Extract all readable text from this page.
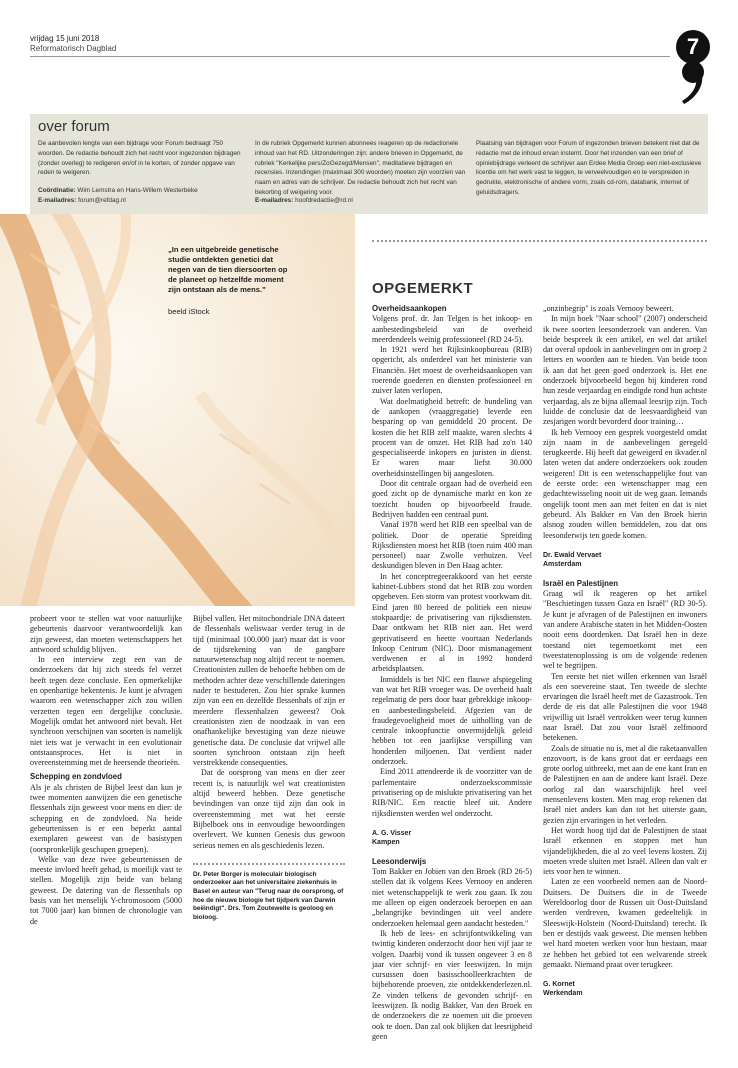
vrijdag 15 juni 2018
Reformatorisch Dagblad	7
over forum
De aanbevolen lengte van een bijdrage voor Forum bedraagt 750 woorden. De redactie behoudt zich het recht voor ingezonden bijdragen (zonder overleg) te redigeren en/of in te korten, of zonder opgave van reden te weigeren.
Coördinatie: Wim Lemstra en Hans-Willem Westerbeke
E-mailadres: forum@refdag.nl
In de rubriek Opgemerkt kunnen abonnees reageren op de redactionele inhoud van het RD. Uitzonderingen zijn: andere brieven in Opgemerkt, de rubriek "Kerkelijke pers/ZoGezegd/Mensen", meditatieve bijdragen en recensies. Inzendingen (maximaal 300 woorden) moeten zijn voorzien van naam en adres van de schrijver. De redactie behoudt zich het recht van bekorting of weigering voor.
E-mailadres: hoofdredactie@rd.nl
Plaatsing van bijdragen voor Forum of ingezonden brieven betekent niet dat de redactie met de inhoud ervan instemt. Door het inzenden van een brief of opiniebijdrage verleent de schrijver aan Erdee Media Groep een niet-exclusieve licentie om het werk vast te leggen, te verveelvoudigen en te verspreiden in gedrukte, elektronische of andere vorm, zoals cd-rom, databank, internet of geluidsdragers.
„In een uitgebreide genetische studie ontdekten genetici dat negen van de tien diersoorten op de planeet op hetzelfde moment zijn ontstaan als de mens."
beeld iStock

probeert voor te stellen wat voor natuurlijke gebeurtenis daarvoor verantwoordelijk kan zijn geweest, dan moeten wetenschappers het antwoord schuldig blijven.

In een interview zegt een van de onderzoekers dat hij zich steeds fel verzet heeft tegen deze conclusie. Een opmerkelijke en openhartige bekentenis. Je kunt je afvragen waarom een wetenschapper zich zou willen verzetten tegen een dergelijke conclusie. Mogelijk omdat het antwoord niet bevalt. Het synchroon verschijnen van soorten is namelijk niet iets wat je verwacht in een evolutionair ontstaansproces. Het is niet in overeenstemming met de heersende theorieën.

Schepping en zondvloed

Als je als christen de Bijbel leest dan kun je twee momenten aanwijzen die een genetische flessenhals zijn geweest voor mens en dier: de schepping en de zondvloed. Na beide gebeurtenissen is er een beperkt aantal exemplaren geweest van de basistypen (oorspronkelijk geschapen groepen).

Welke van deze twee gebeurtenissen de meeste invloed heeft gehad, is moeilijk vast te stellen. Mogelijk zijn beide van belang geweest. De datering van de flessenhals op basis van het menselijk Y-chromosoom (5000 tot 7000 jaar) kan binnen de chronologie van de

Bijbel vallen. Het mitochondriale DNA dateert de flessenhals weliswaar verder terug in de tijd (minimaal 100.000 jaar) maar dat is voor de tijdsrekening van de gangbare natuurwetenschap nog altijd recent te noemen. Creationisten zullen de behoefte hebben om de methoden achter deze verschillende dateringen nader te bestuderen. Zou hier sprake kunnen zijn van een en dezelfde flessenhals of zijn er meerdere flessenhalzen geweest? Ook creationisten zien de noodzaak in van een onafhankelijke bevestiging van deze nieuwe genetische data. De conclusie dat vrijwel alle soorten synchroon ontstaan zijn heeft verstrekkende consequenties.

Dat de oorsprong van mens en dier zeer recent is, is natuurlijk wel wat creationisten altijd beweerd hebben. Deze genetische bevindingen van onze tijd zijn dan ook in overeenstemming met wat het eerste Bijbelboek ons in eenvoudige bewoordingen overlevert. We kunnen Genesis dus gewoon serieus nemen en als geschiedenis lezen.

Dr. Peter Borger is moleculair biologisch onderzoeker aan het universitaire ziekenhuis in Basel en auteur van "Terug naar de oorsprong, of hoe de nieuwe biologie het tijdperk van Darwin beëindigt". Drs. Tom Zoutewelle is geoloog en bioloog.
OPGEMERKT
Overheidsaankopen

Volgens prof. dr. Jan Telgen is het inkoop- en aanbestedingsbeleid van de overheid meerdendeels weinig professioneel (RD 24-5).

In 1921 werd het Rijksinkoopbureau (RIB) opgericht, als onderdeel van het ministerie van Financiën. Het moest de overheidsaankopen van roerende goederen en diensten professioneel en zuiver laten verlopen.

Wat doelmatigheid betreft: de bundeling van de aankopen (vraaggregatie) leverde een besparing op van gemiddeld 20 procent. De kosten die het RIB zelf maakte, waren slechts 4 procent van de omzet. Het RIB had zo'n 140 gespecialiseerde inkopers en juristen in dienst. Er waren maar liefst 30.000 overheidsinstellingen bij aangesloten.

Door dit centrale orgaan had de overheid een goed zicht op de dynamische markt en kon ze toezicht houden op bijvoorbeeld fraude. Bedrijven hadden een centraal punt.

Vanaf 1978 werd het RIB een speelbal van de politiek. Door de operatie Spreiding Rijksdiensten moest het RIB (toen ruim 400 man personeel) naar Zwolle verhuizen. Veel deskundigen bleven in Den Haag achter.

In het conceptregeerakkoord van het eerste kabinet-Lubbers stond dat het RIB zou worden opgeheven. Een storm van protest voorkwam dit. Eind jaren 80 bereed de politiek een nieuw stokpaardje: de privatisering van rijksdiensten. Daar ontkwam het RIB niet aan. Het werd geprivatiseerd en heette voortaan Nederlands Inkoop Centrum (NIC). Door mismanagement verdwenen er al in 1992 honderd arbeidsplaatsen.

Inmiddels is het NIC een flauwe afspiegeling van wat het RIB vroeger was. De overheid haalt regelmatig de pers door haar gebrekkige inkoop- en aanbestedingsbeleid. Afgezien van de fraudegevoeligheid moet de uitholling van de centrale inkoopfunctie onvermijdelijk geleid hebben tot een jaarlijkse verspilling van honderden miljoenen. Dat verdient nader onderzoek.

Eind 2011 attendeerde ik de voorzitter van de parlementaire onderzoekscommissie privatisering op de mislukte privatisering van het RIB/NIC. Een reactie bleef uit. Andere rijksdiensten werden wel onderzocht.

A. G. Visser
Kampen
Leesonderwijs

Tom Bakker en Jobien van den Broek (RD 26-5) stellen dat ik volgens Kees Vernooy en anderen niet wetenschappelijk te werk zou gaan. Ik zou me alleen op eigen onderzoek beroepen en aan „belangrijke bevindingen uit veel andere onderzoeken helemaal geen aandacht besteden."

Ik heb de lees- en schrijfontwikkeling van twintig kinderen onderzocht door hen vijf jaar te volgen. Daarbij vond ik tussen ongeveer 3 en 8 jaar vier schrijf- en vier leeswijzen. In mijn cursussen doen basisschoolleerkrachten de bijbehorende proeven, zie ontdekkenderlezen.nl. Ze vinden telkens de gevonden schrijf- en leeswijzen. Ik nodig Bakker, Van den Broek en de onderzoekers die ze noemen uit die proeven ook te doen. Dan zal ook blijken dat leesrijpheid geen

„onzinbegrip" is zoals Vernooy beweert.

In mijn boek "Naar school" (2007) onderscheid ik twee soorten leesonderzoek van anderen. Van beide bespreek ik een artikel, en wel dat artikel dat overal opdook in aanbevelingen om in groep 2 letters en woorden aan te bieden. Van beide toon ik aan dat het geen goed onderzoek is. Het ene onderzoek bijvoorbeeld begon bij kinderen rond hun zesde verjaardag en eindigde rond hun achtste verjaardag, als ze bijna allemaal leesrijp zijn. Toch luidde de conclusie dat de leesvaardigheid van zesjarigen wordt bevorderd door training…

Ik heb Vernooy een gesprek voorgesteld omdat zijn naam in de aanbevelingen geregeld terugkeerde. Hij heeft dat geweigerd en ikvader.nl laten weten dat andere onderzoekers ook zouden weigeren! Dit is een wetenschappelijke fout van de eerste orde: een wetenschapper mag een gedachtewisseling nooit uit de weg gaan. Iemands ongelijk toont men aan met feiten en dat is niet gebeurd. Als Bakker en Van den Broek hierin alsnog zouden willen bemiddelen, zou dat ons leesonderwijs ten goede komen.

Dr. Ewald Vervaet
Amsterdam
Israël en Palestijnen

Graag wil ik reageren op het artikel "Beschietingen tussen Gaza en Israël" (RD 30-5). Je kunt je afvragen of de Palestijnen en inwoners van andere Arabische staten in het Midden-Oosten nooit eens doordenken. Dat Israël hen in deze toestand niet tegemoetkomt met een tweestatenoplossing is om de volgende redenen wel te begrijpen.

Ten eerste het niet willen erkennen van Israël als een soevereine staat. Ten tweede de slechte ervaringen die Israël heeft met de Gazastrook. Ten derde de eis dat alle Palestijnen die voor 1948 vrijwillig uit Israël vertrokken weer terug kunnen naar Israël. Dat zou voor Israël zelfmoord betekenen.

Zoals de situatie nu is, met al die raketaanvallen enzovoort, is de kans groot dat er eerdaags een grote oorlog uitbreekt, met aan de ene kant Iran en de Palestijnen en aan de andere kant Israël. Deze oorlog zal dan waarschijnlijk heel veel mensenlevens kosten. Men mag erop rekenen dat Israël niet anders kan dan tot het uiterste gaan, gezien zijn ervaringen in het verleden.

Het wordt hoog tijd dat de Palestijnen de staat Israël erkennen en stoppen met hun vijandelijkheden, die al zo veel levens kosten. Zij moeten vrede sluiten met Israël. Alleen dan valt er iets voor hen te winnen.

Laten ze een voorbeeld nemen aan de Noord-Duitsers. De Duitsers die in de Tweede Wereldoorlog door de Russen uit Oost-Duitsland werden verdreven, kwamen gedeeltelijk in Sleeswijk-Holstein (Noord-Duitsland) terecht. Ik ben er destijds vaak geweest. Die mensen hebben wel hard moeten werken voor hun bestaan, maar ze hebben het gebied tot een welvarende streek gemaakt. Niemand praat over terugkeer.

G. Kornet
Werkendam
